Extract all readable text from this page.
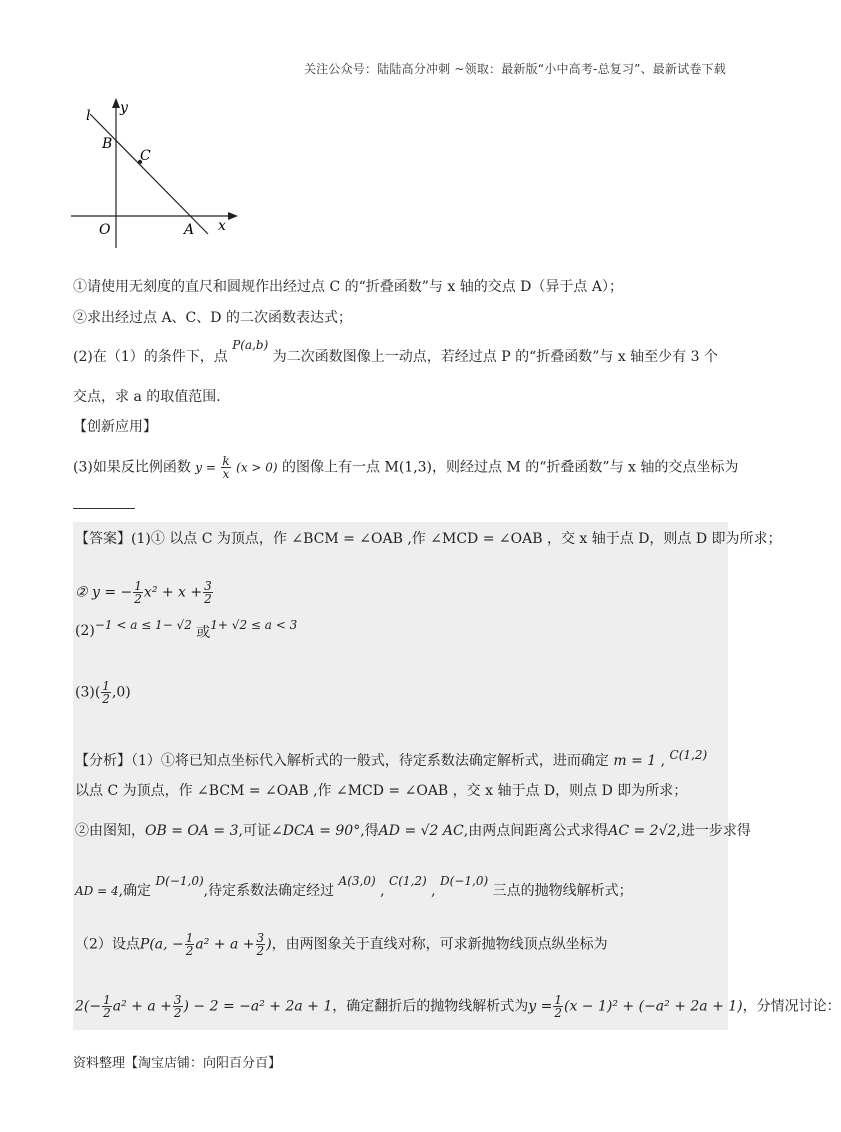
关注公众号：陆陆高分冲刺 ~领取：最新版“小中高考-总复习”、最新试卷下载
l y
B
C
O	A x
①请使用无刻度的直尺和圆规作出经过点 C 的“折叠函数”与 x 轴的交点 D（异于点 A）；
②求出经过点 A、C、D 的二次函数表达式；
(2)在（1）的条件下，点 P(a,b) 为二次函数图像上一动点，若经过点 P 的“折叠函数”与 x 轴至少有 3 个
交点，求 a 的取值范围.
【创新应用】
(3)如果反比例函数 $y = \frac{k}{x} (x > 0)$ 的图像上有一点 M(1,3)，则经过点 M 的“折叠函数”与 x 轴的交点坐标为
【答案】(1)① 以点 C 为顶点，作 ∠BCM = ∠OAB ,作 ∠MCD = ∠OAB ，交 x 轴于点 D，则点 D 即为所求；
② y = − $\frac{1}{2} x^2 + x + \frac{3}{2}$
(2)−1 < a ≤ 1− √2 或1+ √2 ≤ a < 3
$(3)( \frac{1}{2} ,0)$
【分析】（1）①将已知点坐标代入解析式的一般式，待定系数法确定解析式，进而确定 m = 1 , C(1,2)
以点 C 为顶点，作 ∠BCM = ∠OAB ,作 ∠MCD = ∠OAB ，交 x 轴于点 D，则点 D 即为所求；
②由图知，OB = OA = 3,可证∠DCA = 90°,得AD = √2 AC,由两点间距离公式求得AC = 2√2,进一步求得
AD = 4,确定 D(−1,0),待定系数法确定经过 A(3,0) , C(1,2) , D(−1,0) 三点的抛物线解析式；
（2）设点P(a, − $\frac{1}{2} a^2 + a + \frac{3}{2}$ )，由两图象关于直线对称，可求新抛物线顶点纵坐标为
$2(- \frac{1}{2} a^2 + a + \frac{3}{2}$ ) − 2 = −a² + 2a + 1，确定翻折后的抛物线解析式为$y = \frac{1}{2} (x - 1)^2 + (-a^2 + 2a + 1)$，分情况讨论：
资料整理【淘宝店铺：向阳百分百】
